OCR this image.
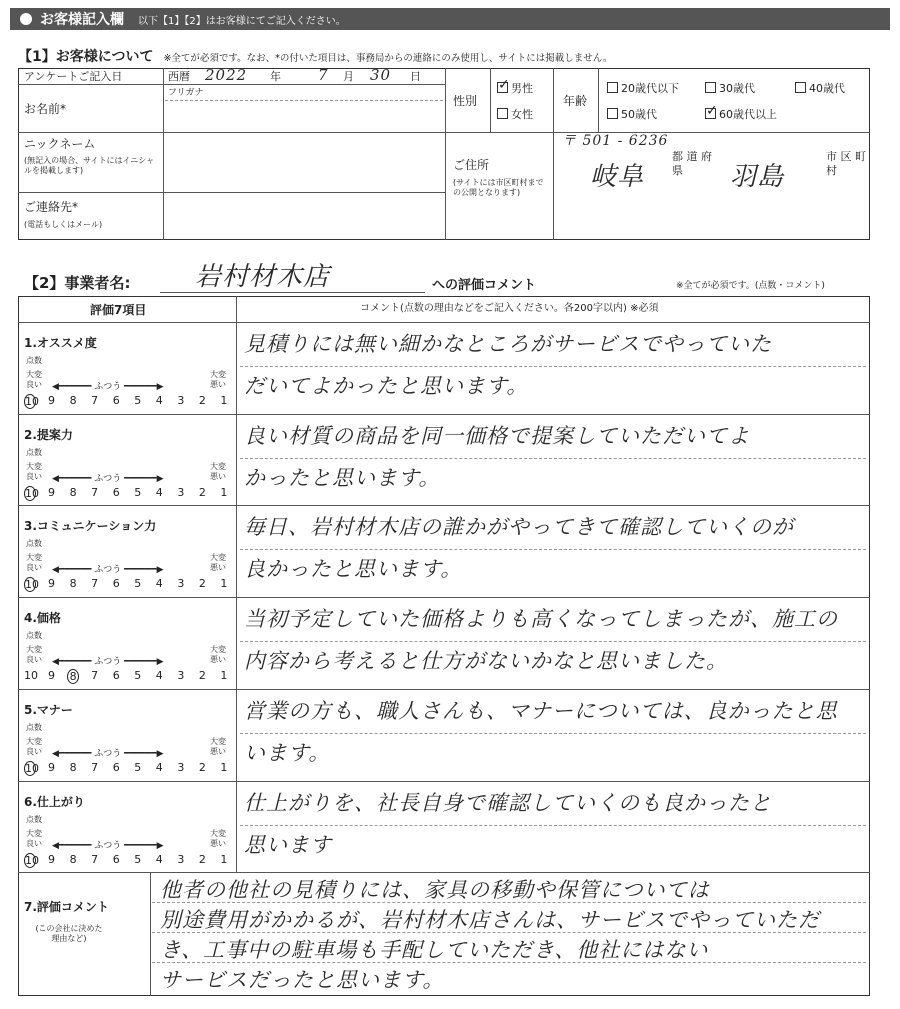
お客様記入欄 以下【1】【2】はお客様にてご記入ください。
【1】お客様について ※全てが必須です。なお、*の付いた項目は、事務局からの連絡にのみ使用し、サイトには掲載しません。
アンケートご記入日	西暦 2022 年 7 月 30 日
お名前*
フリガナ
ニックネーム
(無記入の場合、サイトにはイニシャルを掲載します)
ご連絡先*
(電話もしくはメール)
性別
✓男性
女性
年齢
20歳代以下	30歳代	40歳代
50歳代
✓	60歳代以上
ご住所
(サイトには市区町村までの公開となります)
〒 501 - 6236
岐阜
都 道 府 県	羽島
市 区 町 村
【2】事業者名: 岩村材木店	への評価コメント	※全てが必須です。(点数・コメント)
評価7項目	コメント(点数の理由などをご記入ください。各200字以内) ※必須
1.オススメ度
点数
大変良い	◀━━━━━━ ふつう ━━━━━━▶
大変悪い
10 9 8 7 6 5 4 3 2 1
見積りには無い細かなところがサービスでやっていた
だいてよかったと思います。
2.提案力
点数
大変良い	◀━━━━━━ ふつう ━━━━━━▶
大変悪い
10 9 8 7 6 5 4 3 2 1
良い材質の商品を同一価格で提案していただいてよ
かったと思います。
3.コミュニケーション力
点数
大変良い	◀━━━━━━ ふつう ━━━━━━▶
大変悪い
10 9 8 7 6 5 4 3 2 1
毎日、岩村材木店の誰かがやってきて確認していくのが
良かったと思います。
4.価格
点数
大変良い	◀━━━━━━ ふつう ━━━━━━▶
大変悪い
10 9 8 7 6 5 4 3 2 1
当初予定していた価格よりも高くなってしまったが、施工の
内容から考えると仕方がないかなと思いました。
5.マナー
点数
大変良い	◀━━━━━━ ふつう ━━━━━━▶
大変悪い
10 9 8 7 6 5 4 3 2 1
営業の方も、職人さんも、マナーについては、良かったと思
います。
6.仕上がり
点数
大変良い	◀━━━━━━ ふつう ━━━━━━▶
大変悪い
10 9 8 7 6 5 4 3 2 1
仕上がりを、社長自身で確認していくのも良かったと
思います
7.評価コメント
(この会社に決めた理由など)
他者の他社の見積りには、家具の移動や保管については
別途費用がかかるが、岩村材木店さんは、サービスでやっていただ
き、工事中の駐車場も手配していただき、他社にはない
サービスだったと思います。
